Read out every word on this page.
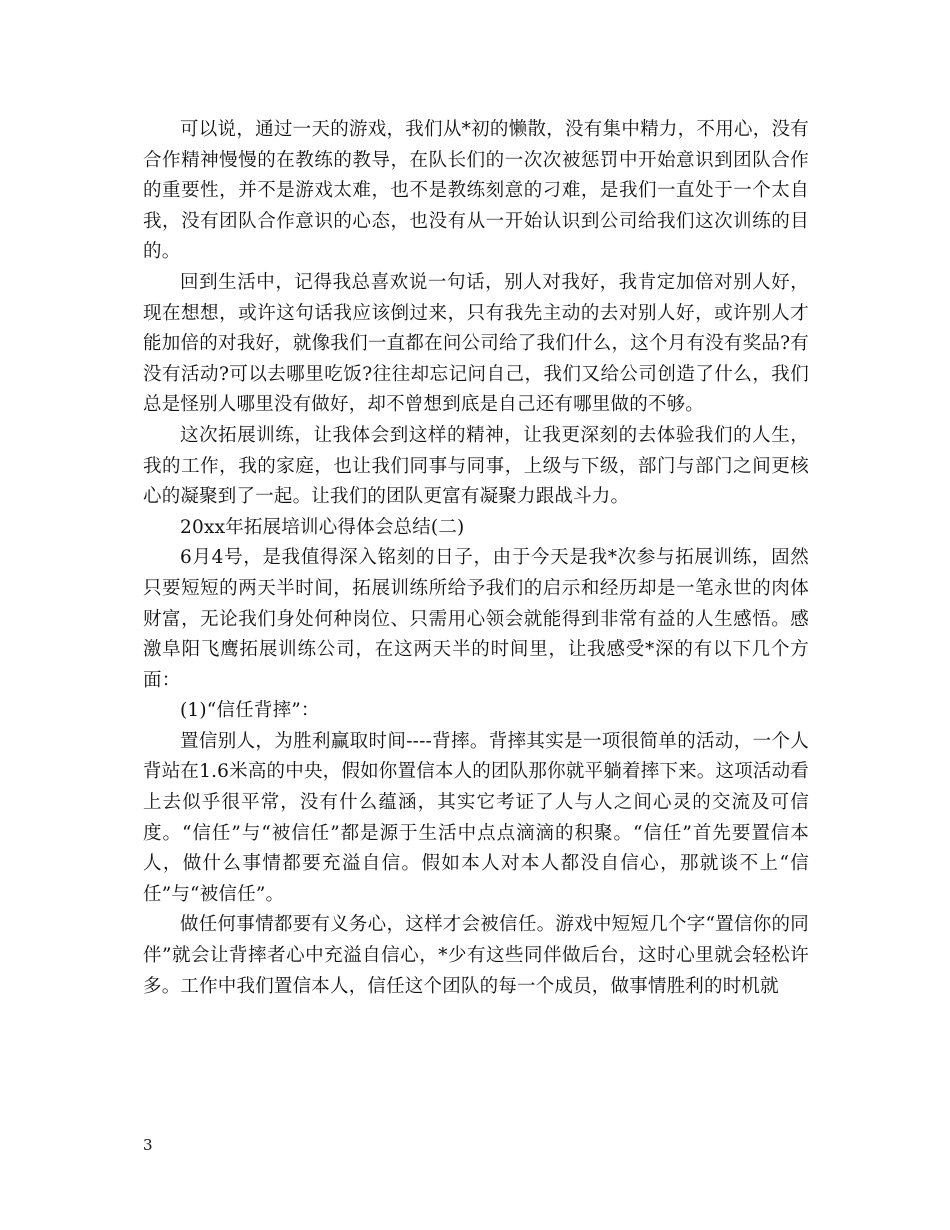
可以说，通过一天的游戏，我们从*初的懒散，没有集中精力，不用心，没有合作精神慢慢的在教练的教导，在队长们的一次次被惩罚中开始意识到团队合作的重要性，并不是游戏太难，也不是教练刻意的刁难，是我们一直处于一个太自我，没有团队合作意识的心态，也没有从一开始认识到公司给我们这次训练的目的。

回到生活中，记得我总喜欢说一句话，别人对我好，我肯定加倍对别人好，现在想想，或许这句话我应该倒过来，只有我先主动的去对别人好，或许别人才能加倍的对我好，就像我们一直都在问公司给了我们什么，这个月有没有奖品?有没有活动?可以去哪里吃饭?往往却忘记问自己，我们又给公司创造了什么，我们总是怪别人哪里没有做好，却不曾想到底是自己还有哪里做的不够。

这次拓展训练，让我体会到这样的精神，让我更深刻的去体验我们的人生，我的工作，我的家庭，也让我们同事与同事，上级与下级，部门与部门之间更核心的凝聚到了一起。让我们的团队更富有凝聚力跟战斗力。

20xx年拓展培训心得体会总结(二)

6月4号，是我值得深入铭刻的日子，由于今天是我*次参与拓展训练，固然只要短短的两天半时间，拓展训练所给予我们的启示和经历却是一笔永世的肉体财富，无论我们身处何种岗位、只需用心领会就能得到非常有益的人生感悟。感激阜阳飞鹰拓展训练公司，在这两天半的时间里，让我感受*深的有以下几个方面：

(1)“信任背摔”：

置信别人，为胜利赢取时间----背摔。背摔其实是一项很简单的活动，一个人背站在1.6米高的中央，假如你置信本人的团队那你就平躺着摔下来。这项活动看上去似乎很平常，没有什么蕴涵，其实它考证了人与人之间心灵的交流及可信度。“信任”与“被信任”都是源于生活中点点滴滴的积聚。“信任”首先要置信本人，做什么事情都要充溢自信。假如本人对本人都没自信心，那就谈不上“信任”与“被信任”。

做任何事情都要有义务心，这样才会被信任。游戏中短短几个字“置信你的同伴”就会让背摔者心中充溢自信心，*少有这些同伴做后台，这时心里就会轻松许多。工作中我们置信本人，信任这个团队的每一个成员，做事情胜利的时机就

3
